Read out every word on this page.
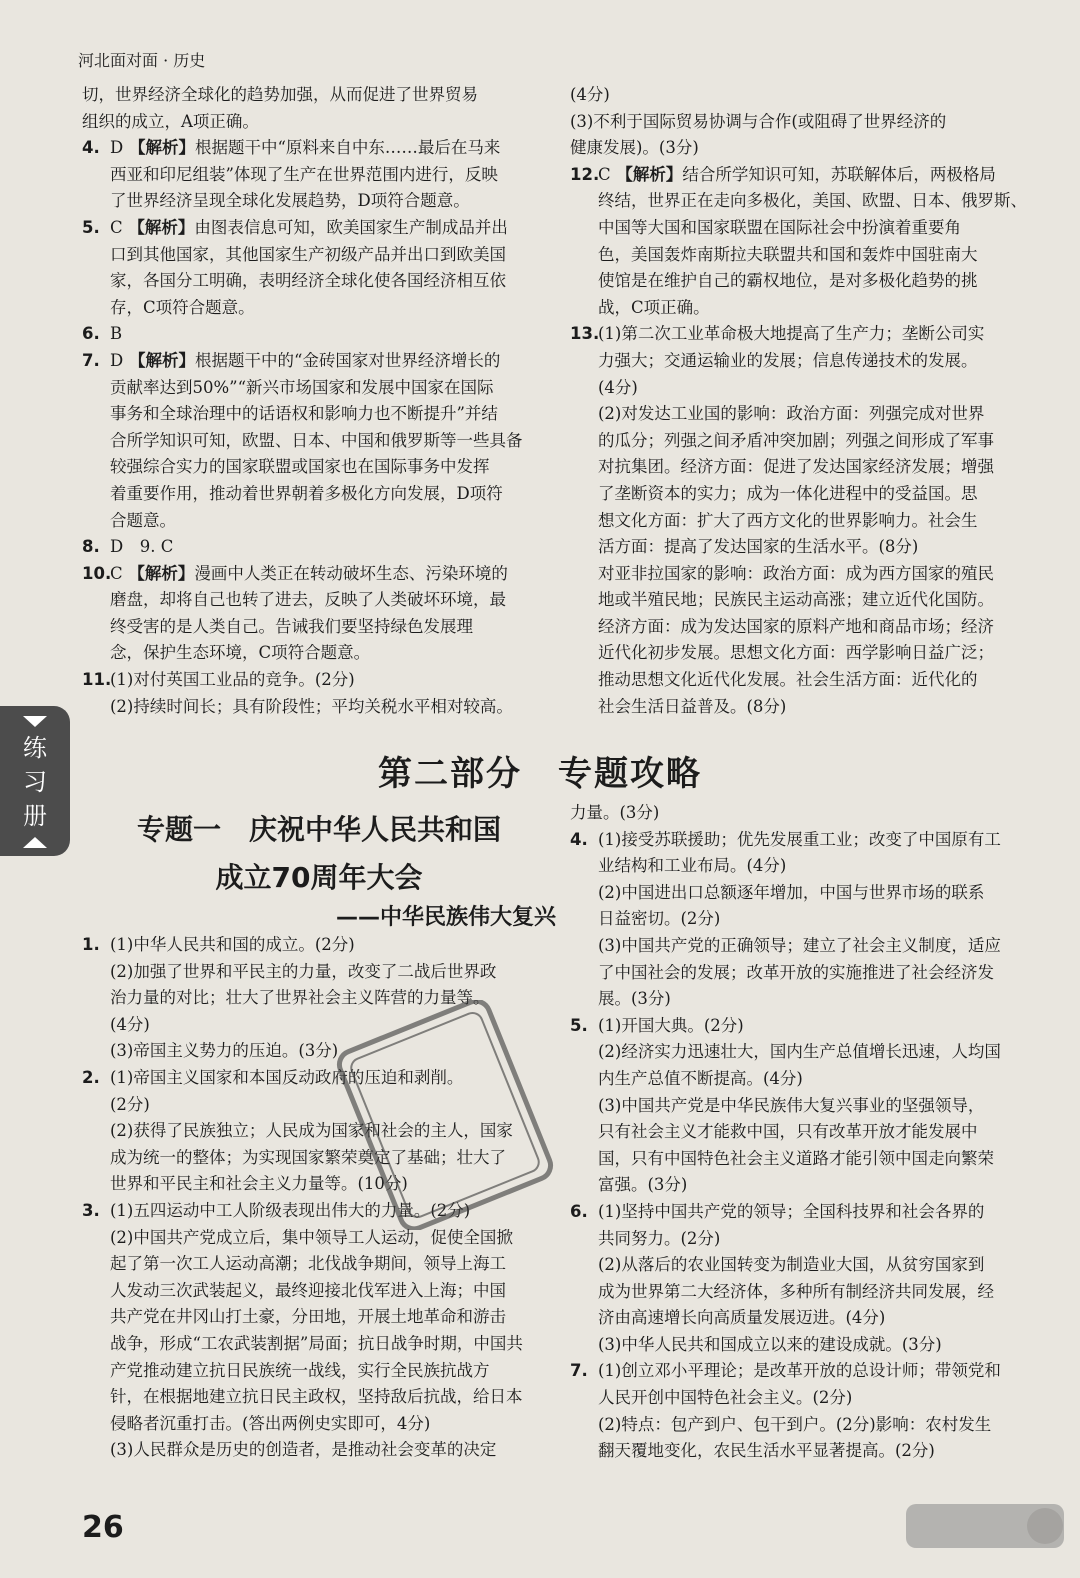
河北面对面 · 历史
切，世界经济全球化的趋势加强，从而促进了世界贸易
组织的成立，A项正确。
4. D 【解析】根据题干中“原料来自中东……最后在马来
西亚和印尼组装”体现了生产在世界范围内进行，反映
了世界经济呈现全球化发展趋势，D项符合题意。
5. C 【解析】由图表信息可知，欧美国家生产制成品并出
口到其他国家，其他国家生产初级产品并出口到欧美国
家，各国分工明确，表明经济全球化使各国经济相互依
存，C项符合题意。
6. B
7. D 【解析】根据题干中的“金砖国家对世界经济增长的
贡献率达到50%”“新兴市场国家和发展中国家在国际
事务和全球治理中的话语权和影响力也不断提升”并结
合所学知识可知，欧盟、日本、中国和俄罗斯等一些具备
较强综合实力的国家联盟或国家也在国际事务中发挥
着重要作用，推动着世界朝着多极化方向发展，D项符
合题意。
8. D　9. C
10.
C 【解析】漫画中人类正在转动破坏生态、污染环境的
磨盘，却将自己也转了进去，反映了人类破坏环境，最
终受害的是人类自己。告诫我们要坚持绿色发展理
念，保护生态环境，C项符合题意。
11.
(1)对付英国工业品的竞争。(2分)
(2)持续时间长；具有阶段性；平均关税水平相对较高。
(4分)
(3)不利于国际贸易协调与合作(或阻碍了世界经济的
健康发展)。(3分)
12.
C 【解析】结合所学知识可知，苏联解体后，两极格局
终结，世界正在走向多极化，美国、欧盟、日本、俄罗斯、
中国等大国和国家联盟在国际社会中扮演着重要角
色，美国轰炸南斯拉夫联盟共和国和轰炸中国驻南大
使馆是在维护自己的霸权地位，是对多极化趋势的挑
战，C项正确。
13.
(1)第二次工业革命极大地提高了生产力；垄断公司实
力强大；交通运输业的发展；信息传递技术的发展。
(4分)
(2)对发达工业国的影响：政治方面：列强完成对世界
的瓜分；列强之间矛盾冲突加剧；列强之间形成了军事
对抗集团。经济方面：促进了发达国家经济发展；增强
了垄断资本的实力；成为一体化进程中的受益国。思
想文化方面：扩大了西方文化的世界影响力。社会生
活方面：提高了发达国家的生活水平。(8分)
对亚非拉国家的影响：政治方面：成为西方国家的殖民
地或半殖民地；民族民主运动高涨；建立近代化国防。
经济方面：成为发达国家的原料产地和商品市场；经济
近代化初步发展。思想文化方面：西学影响日益广泛；
推动思想文化近代化发展。社会生活方面：近代化的
社会生活日益普及。(8分)
第二部分　专题攻略
专题一　庆祝中华人民共和国
成立70周年大会
——中华民族伟大复兴
1. (1)中华人民共和国的成立。(2分)
(2)加强了世界和平民主的力量，改变了二战后世界政
治力量的对比；壮大了世界社会主义阵营的力量等。
(4分)
(3)帝国主义势力的压迫。(3分)
2. (1)帝国主义国家和本国反动政府的压迫和剥削。
(2分)
(2)获得了民族独立；人民成为国家和社会的主人，国家
成为统一的整体；为实现国家繁荣奠定了基础；壮大了
世界和平民主和社会主义力量等。(10分)
3. (1)五四运动中工人阶级表现出伟大的力量。(2分)
(2)中国共产党成立后，集中领导工人运动，促使全国掀
起了第一次工人运动高潮；北伐战争期间，领导上海工
人发动三次武装起义，最终迎接北伐军进入上海；中国
共产党在井冈山打土豪，分田地，开展土地革命和游击
战争，形成“工农武装割据”局面；抗日战争时期，中国共
产党推动建立抗日民族统一战线，实行全民族抗战方
针，在根据地建立抗日民主政权，坚持敌后抗战，给日本
侵略者沉重打击。(答出两例史实即可，4分)
(3)人民群众是历史的创造者，是推动社会变革的决定
力量。(3分)
4. (1)接受苏联援助；优先发展重工业；改变了中国原有工
业结构和工业布局。(4分)
(2)中国进出口总额逐年增加，中国与世界市场的联系
日益密切。(2分)
(3)中国共产党的正确领导；建立了社会主义制度，适应
了中国社会的发展；改革开放的实施推进了社会经济发
展。(3分)
5. (1)开国大典。(2分)
(2)经济实力迅速壮大，国内生产总值增长迅速，人均国
内生产总值不断提高。(4分)
(3)中国共产党是中华民族伟大复兴事业的坚强领导，
只有社会主义才能救中国，只有改革开放才能发展中
国，只有中国特色社会主义道路才能引领中国走向繁荣
富强。(3分)
6. (1)坚持中国共产党的领导；全国科技界和社会各界的
共同努力。(2分)
(2)从落后的农业国转变为制造业大国，从贫穷国家到
成为世界第二大经济体，多种所有制经济共同发展，经
济由高速增长向高质量发展迈进。(4分)
(3)中华人民共和国成立以来的建设成就。(3分)
7. (1)创立邓小平理论；是改革开放的总设计师；带领党和
人民开创中国特色社会主义。(2分)
(2)特点：包产到户、包干到户。(2分)影响：农村发生
翻天覆地变化，农民生活水平显著提高。(2分)
练
习
册
26
